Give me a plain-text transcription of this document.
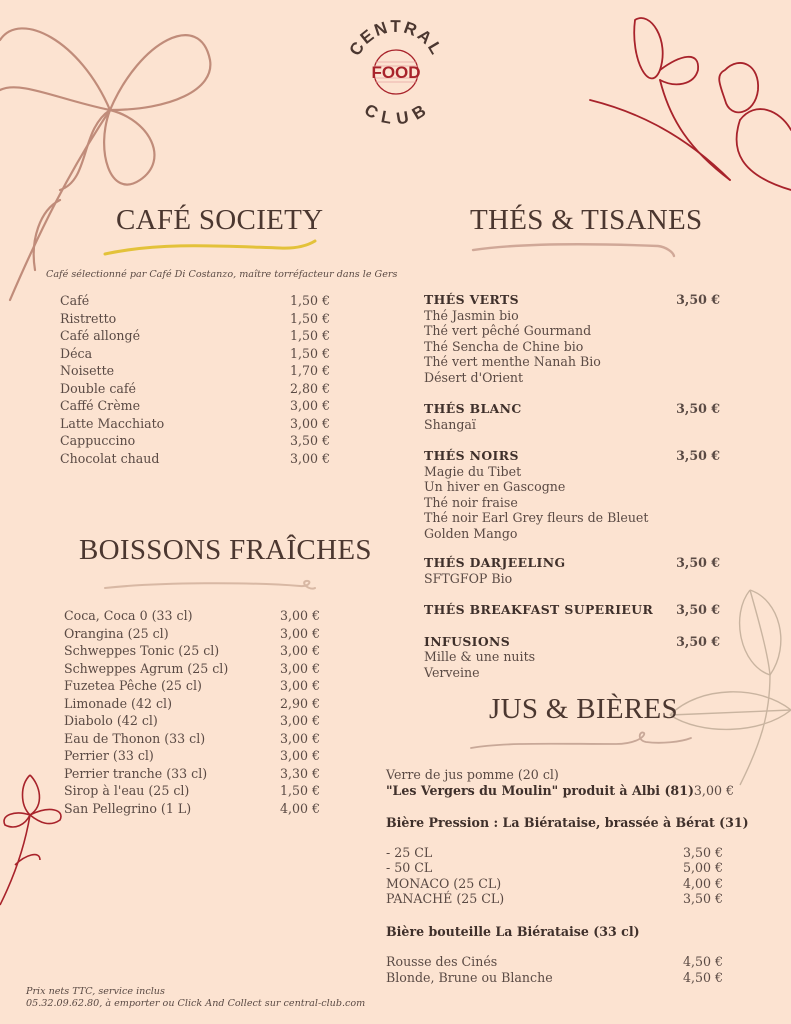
CENTRAL
CLUB
FOOD
CAFÉ SOCIETY
Café sélectionné par Café Di Costanzo, maître torréfacteur dans le Gers
Café	1,50 €
Ristretto	1,50 €
Café allongé	1,50 €
Déca	1,50 €
Noisette	1,70 €
Double café	2,80 €
Caffé Crème	3,00 €
Latte Macchiato	3,00 €
Cappuccino	3,50 €
Chocolat chaud	3,00 €
BOISSONS FRAÎCHES
Coca, Coca 0 (33 cl)	3,00 €
Orangina (25 cl)	3,00 €
Schweppes Tonic (25 cl)	3,00 €
Schweppes Agrum (25 cl)	3,00 €
Fuzetea Pêche (25 cl)	3,00 €
Limonade (42 cl)	2,90 €
Diabolo (42 cl)	3,00 €
Eau de Thonon (33 cl)	3,00 €
Perrier (33 cl)	3,00 €
Perrier tranche (33 cl)	3,30 €
Sirop à l'eau (25 cl)	1,50 €
San Pellegrino (1 L)	4,00 €
THÉS & TISANES
THÉS VERTS	3,50 €
Thé Jasmin bio
Thé vert pêché Gourmand
Thé Sencha de Chine bio
Thé vert menthe Nanah Bio
Désert d'Orient
THÉS BLANC	3,50 €
Shangaï
THÉS NOIRS	3,50 €
Magie du Tibet
Un hiver en Gascogne
Thé noir fraise
Thé noir Earl Grey fleurs de Bleuet
Golden Mango
THÉS DARJEELING	3,50 €
SFTGFOP Bio
THÉS BREAKFAST SUPERIEUR 3,50 €
INFUSIONS	3,50 €
Mille & une nuits
Verveine
JUS & BIÈRES
Verre de jus pomme (20 cl)
"Les Vergers du Moulin" produit à Albi (81) 3,00 €
Bière Pression : La Biérataise, brassée à Bérat (31)
- 25 CL	3,50 €
- 50 CL	5,00 €
MONACO (25 CL)	4,00 €
PANACHÉ (25 CL)	3,50 €
Bière bouteille La Biérataise (33 cl)
Rousse des Cinés	4,50 €
Blonde, Brune ou Blanche	4,50 €
Prix nets TTC, service inclus
05.32.09.62.80, à emporter ou Click And Collect sur central-club.com
